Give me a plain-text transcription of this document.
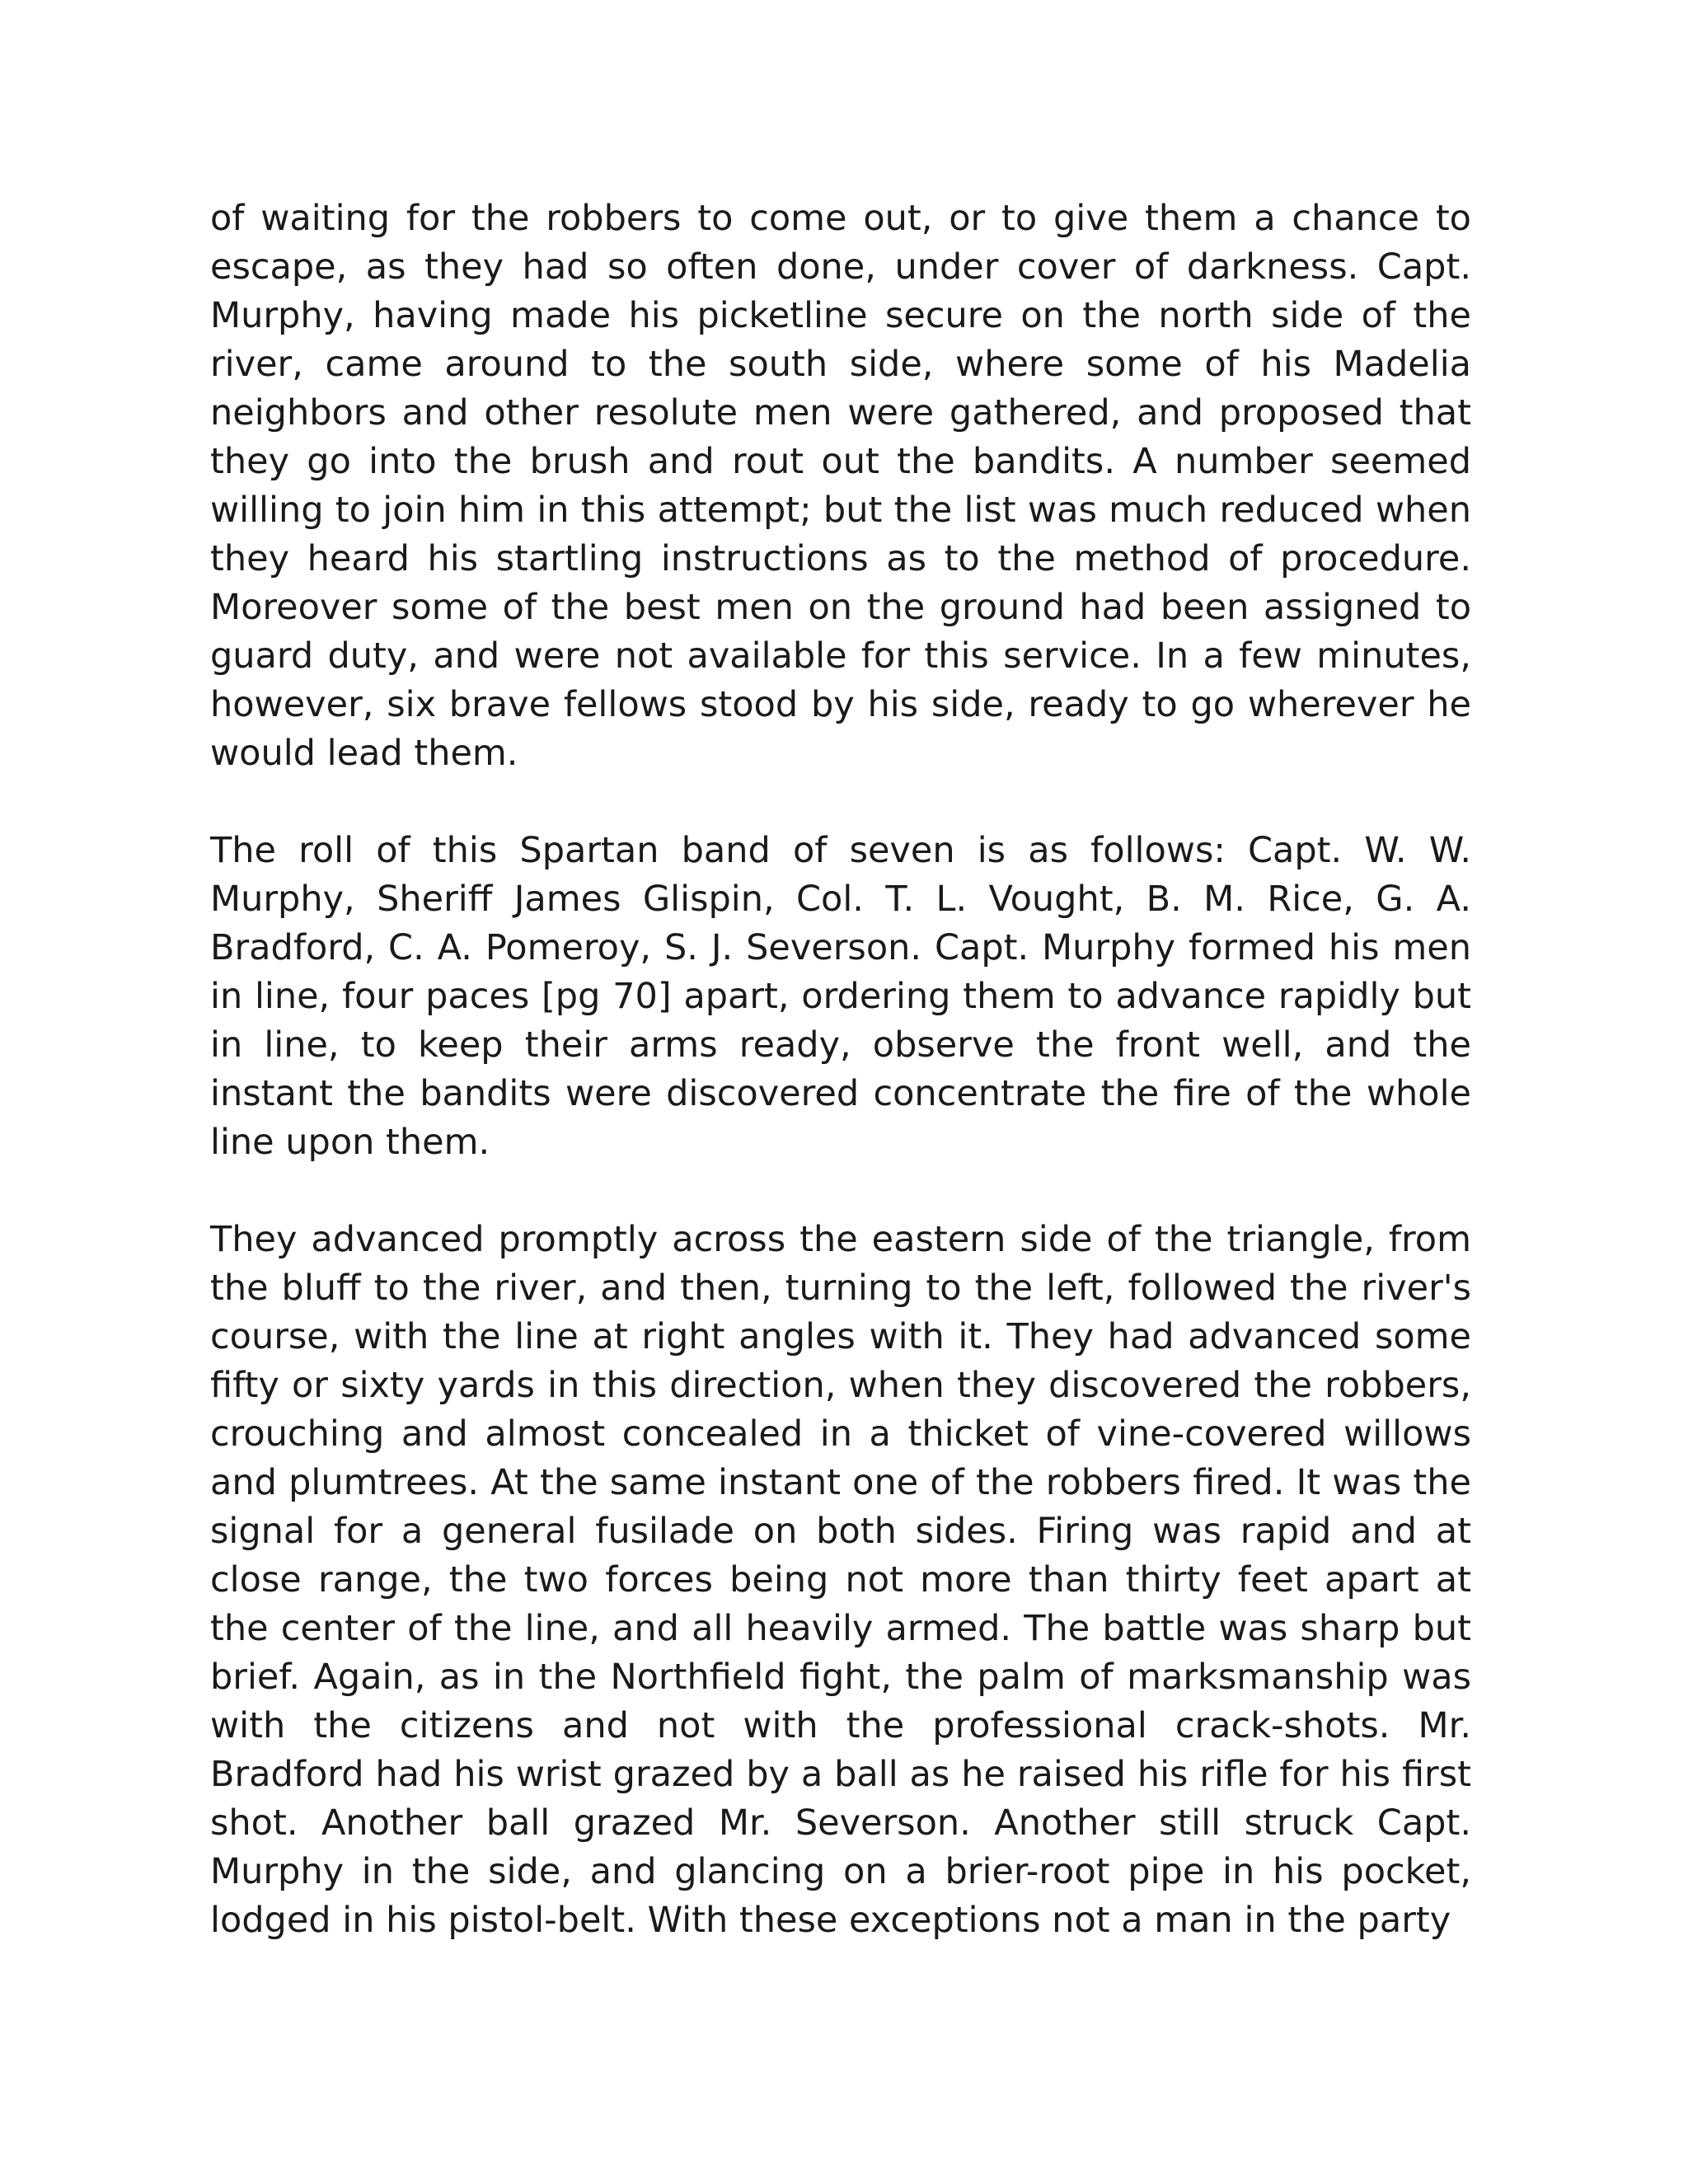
of waiting for the robbers to come out, or to give them a chance to escape, as they had so often done, under cover of darkness. Capt. Murphy, having made his picketline secure on the north side of the river, came around to the south side, where some of his Madelia neighbors and other resolute men were gathered, and proposed that they go into the brush and rout out the bandits. A number seemed willing to join him in this attempt; but the list was much reduced when they heard his startling instructions as to the method of procedure. Moreover some of the best men on the ground had been assigned to guard duty, and were not available for this service. In a few minutes, however, six brave fellows stood by his side, ready to go wherever he would lead them.

The roll of this Spartan band of seven is as follows: Capt. W. W. Murphy, Sheriff James Glispin, Col. T. L. Vought, B. M. Rice, G. A. Bradford, C. A. Pomeroy, S. J. Severson. Capt. Murphy formed his men in line, four paces [pg 70] apart, ordering them to advance rapidly but in line, to keep their arms ready, observe the front well, and the instant the bandits were discovered concentrate the fire of the whole line upon them.

They advanced promptly across the eastern side of the triangle, from the bluff to the river, and then, turning to the left, followed the river's course, with the line at right angles with it. They had advanced some fifty or sixty yards in this direction, when they discovered the robbers, crouching and almost concealed in a thicket of vine-covered willows and plumtrees. At the same instant one of the robbers fired. It was the signal for a general fusilade on both sides. Firing was rapid and at close range, the two forces being not more than thirty feet apart at the center of the line, and all heavily armed. The battle was sharp but brief. Again, as in the Northfield fight, the palm of marksmanship was with the citizens and not with the professional crack-shots. Mr. Bradford had his wrist grazed by a ball as he raised his rifle for his first shot. Another ball grazed Mr. Severson. Another still struck Capt. Murphy in the side, and glancing on a brier-root pipe in his pocket, lodged in his pistol-belt. With these exceptions not a man in the party
